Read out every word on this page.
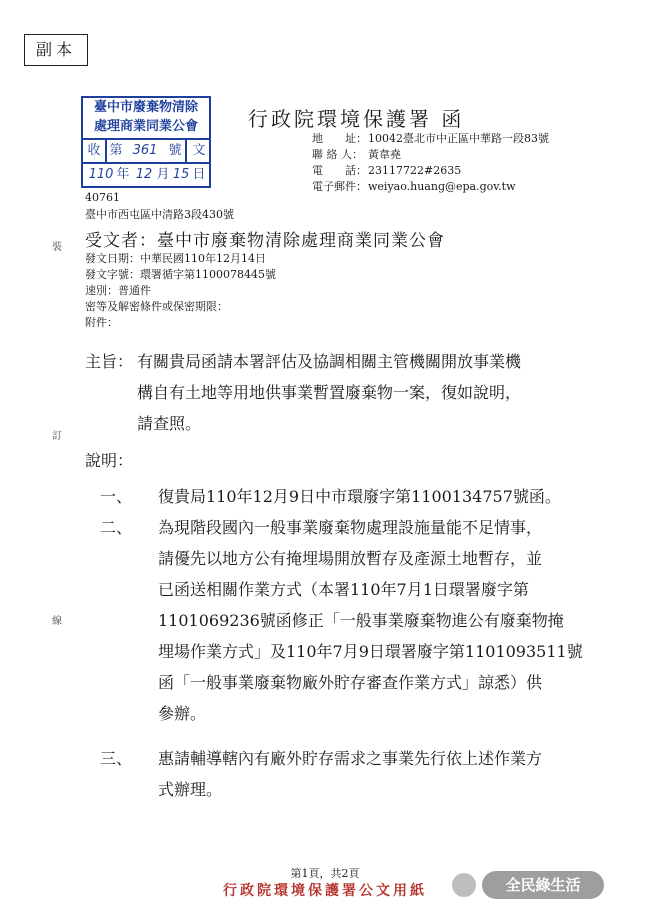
副本
臺中市廢棄物清除
處理商業同業公會
收 第 361 號 文
110 年 12 月 15 日
行政院環境保護署 函
地　　址：10042臺北市中正區中華路一段83號
聯 絡 人： 黃韋堯
電　　話：23117722#2635
電子郵件：weiyao.huang@epa.gov.tw
40761
臺中市西屯區中清路3段430號
受文者：臺中市廢棄物清除處理商業同業公會
發文日期：中華民國110年12月14日
發文字號：環署循字第1100078445號
速別：普通件
密等及解密條件或保密期限：
附件：
裝
訂
線
主旨： 有關貴局函請本署評估及協調相關主管機關開放事業機
構自有土地等用地供事業暫置廢棄物一案，復如說明，
請查照。
說明：
一、	復貴局110年12月9日中市環廢字第1100134757號函。
二、	為現階段國內一般事業廢棄物處理設施量能不足情事，
請優先以地方公有掩埋場開放暫存及產源土地暫存，並
已函送相關作業方式（本署110年7月1日環署廢字第
1101069236號函修正「一般事業廢棄物進公有廢棄物掩
埋場作業方式」及110年7月9日環署廢字第1101093511號
函「一般事業廢棄物廠外貯存審查作業方式」諒悉）供
參辦。
三、	惠請輔導轄內有廠外貯存需求之事業先行依上述作業方
式辦理。
第1頁，共2頁
行政院環境保護署公文用紙	全民綠生活
